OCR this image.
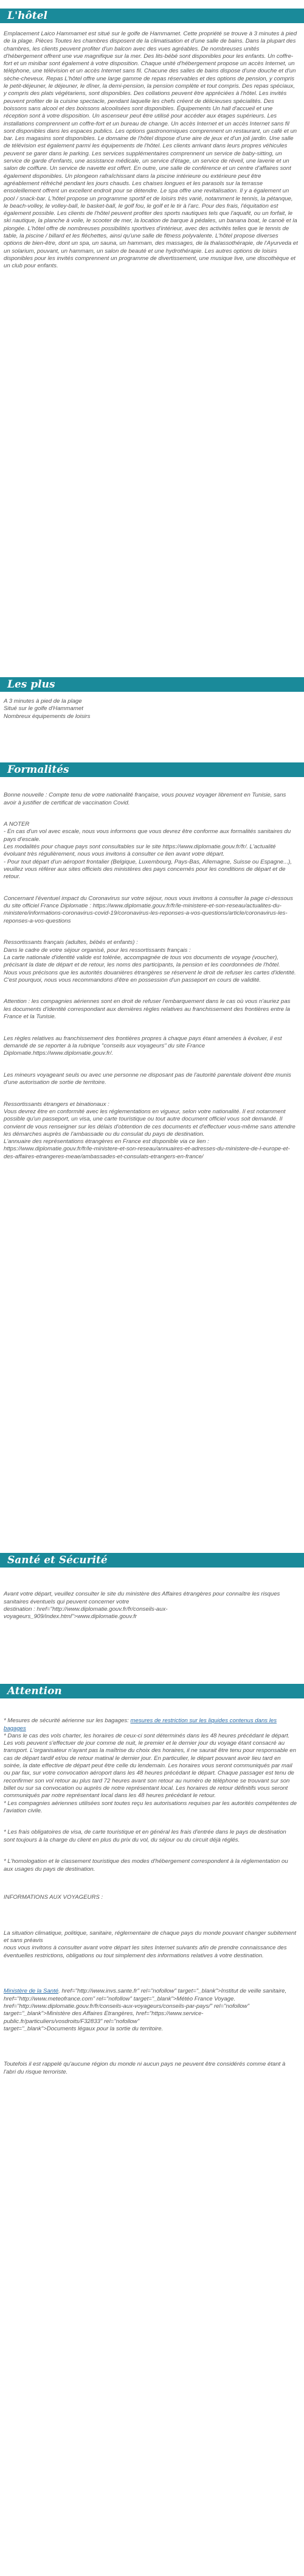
L'hôtel

Emplacement Laico Hammamet est situé sur le golfe de Hammamet. Cette propriété se trouve à 3 minutes à pied de la plage. Pièces Toutes les chambres disposent de la climatisation et d'une salle de bains. Dans la plupart des chambres, les clients peuvent profiter d'un balcon avec des vues agréables. De nombreuses unités d'hébergement offrent une vue magnifique sur la mer. Des lits-bébé sont disponibles pour les enfants. Un coffre-fort et un minibar sont également à votre disposition. Chaque unité d'hébergement propose un accès Internet, un téléphone, une télévision et un accès Internet sans fil. Chacune des salles de bains dispose d'une douche et d'un sèche-cheveux. Repas L'hôtel offre une large gamme de repas réservables et des options de pension, y compris le petit-déjeuner, le déjeuner, le dîner, la demi-pension, la pension complète et tout compris. Des repas spéciaux, y compris des plats végétariens, sont disponibles. Des collations peuvent être appréciées à l'hôtel. Les invités peuvent profiter de la cuisine spectacle, pendant laquelle les chefs créent de délicieuses spécialités. Des boissons sans alcool et des boissons alcoolisées sont disponibles. Équipements Un hall d'accueil et une réception sont à votre disposition. Un ascenseur peut être utilisé pour accéder aux étages supérieurs. Les installations comprennent un coffre-fort et un bureau de change. Un accès Internet et un accès Internet sans fil sont disponibles dans les espaces publics. Les options gastronomiques comprennent un restaurant, un café et un bar. Les magasins sont disponibles. Le domaine de l'hôtel dispose d'une aire de jeux et d'un joli jardin. Une salle de télévision est également parmi les équipements de l'hôtel. Les clients arrivant dans leurs propres véhicules peuvent se garer dans le parking. Les services supplémentaires comprennent un service de baby-sitting, un service de garde d'enfants, une assistance médicale, un service d'étage, un service de réveil, une laverie et un salon de coiffure. Un service de navette est offert. En outre, une salle de conférence et un centre d'affaires sont également disponibles. Un plongeon rafraîchissant dans la piscine intérieure ou extérieure peut être agréablement réfréché pendant les jours chauds. Les chaises longues et les parasols sur la terrasse ensoleillement offrent un excellent endroit pour se détendre. Le spa offre une revitalisation. Il y a également un pool / snack-bar. L'hôtel propose un programme sportif et de loisirs très varié, notamment le tennis, la pétanque, le beach-volley, le volley-ball, le basket-ball, le golf fou, le golf et le tir à l'arc. Pour des frais, l'équitation est également possible. Les clients de l'hôtel peuvent profiter des sports nautiques tels que l'aquafit, ou un forfait, le ski nautique, la planche à voile, le scooter de mer, la location de barque à pédales, un banana boat, le canoë et la plongée. L'hôtel offre de nombreuses possibilités sportives d'intérieur, avec des activités telles que le tennis de table, la piscine / billard et les fléchettes, ainsi qu'une salle de fitness polyvalente. L'hôtel propose diverses options de bien-être, dont un spa, un sauna, un hammam, des massages, de la thalassothérapie, de l'Ayurveda et un solarium, pouvant, un hammam, un salon de beauté et une hydrothérapie. Les autres options de loisirs disponibles pour les invités comprennent un programme de divertissement, une musique live, une discothèque et un club pour enfants.

Les plus
A 3 minutes à pied de la plage
Situé sur le golfe d'Hammamet
Nombreux équipements de loisirs
Formalités

Bonne nouvelle : Compte tenu de votre nationalité française, vous pouvez voyager librement en Tunisie, sans avoir à justifier de certificat de vaccination Covid.

A NOTER
- En cas d'un vol avec escale, nous vous informons que vous devrez être conforme aux formalités sanitaires du pays d'escale.
Les modalités pour chaque pays sont consultables sur le site https://www.diplomatie.gouv.fr/fr/. L'actualité évoluant très régulièrement, nous vous invitons à consulter ce lien avant votre départ.
- Pour tout départ d'un aéroport frontalier (Belgique, Luxembourg, Pays-Bas, Allemagne, Suisse ou Espagne...), veuillez vous référer aux sites officiels des ministères des pays concernés pour les conditions de départ et de retour.

Concernant l'éventuel impact du Coronavirus sur votre séjour, nous vous invitons à consulter la page ci-dessous du site officiel France Diplomatie : https://www.diplomatie.gouv.fr/fr/le-ministere-et-son-reseau/actualites-du-ministere/informations-coronavirus-covid-19/coronavirus-les-reponses-a-vos-questions/article/coronavirus-les-reponses-a-vos-questions

Ressortissants français (adultes, bébés et enfants) :
Dans le cadre de votre séjour organisé, pour les ressortissants français :
La carte nationale d'identité valide est tolérée, accompagnée de tous vos documents de voyage (voucher), précisant la date de départ et de retour, les noms des participants, la pension et les coordonnées de l'hôtel.
Nous vous précisons que les autorités douanières étrangères se réservent le droit de refuser les cartes d'identité. C'est pourquoi, nous vous recommandons d'être en possession d'un passeport en cours de validité.

Attention : les compagnies aériennes sont en droit de refuser l'embarquement dans le cas où vous n'auriez pas les documents d'identité correspondant aux dernières règles relatives au franchissement des frontières entre la France et la Tunisie.

Les règles relatives au franchissement des frontières propres à chaque pays étant amenées à évoluer, il est demandé de se reporter à la rubrique "conseils aux voyageurs" du site France Diplomatie.https://www.diplomatie.gouv.fr/.

Les mineurs voyageant seuls ou avec une personne ne disposant pas de l'autorité parentale doivent être munis d'une autorisation de sortie de territoire.

Ressortissants étrangers et binationaux :
Vous devrez être en conformité avec les réglementations en vigueur, selon votre nationalité. Il est notamment possible qu'un passeport, un visa, une carte touristique ou tout autre document officiel vous soit demandé. Il convient de vous renseigner sur les délais d'obtention de ces documents et d'effectuer vous-même sans attendre les démarches auprès de l'ambassade ou du consulat du pays de destination.
L'annuaire des représentations étrangères en France est disponible via ce lien : https://www.diplomatie.gouv.fr/fr/le-ministere-et-son-reseau/annuaires-et-adresses-du-ministere-de-l-europe-et-des-affaires-etrangeres-meae/ambassades-et-consulats-etrangers-en-france/

Santé et Sécurité

Avant votre départ, veuillez consulter le site du ministère des Affaires étrangères pour connaître les risques sanitaires éventuels qui peuvent concerner votre
destination : href="http://www.diplomatie.gouv.fr/fr/conseils-aux-voyageurs_909/index.html">www.diplomatie.gouv.fr

Attention

* Mesures de sécurité aérienne sur les bagages: mesures de restriction sur les liquides contenus dans les bagages
* Dans le cas des vols charter, les horaires de ceux-ci sont déterminés dans les 48 heures précédant le départ. Les vols peuvent s'effectuer de jour comme de nuit, le premier et le dernier jour du voyage étant consacré au transport. L'organisateur n'ayant pas la maîtrise du choix des horaires, il ne saurait être tenu pour responsable en cas de départ tardif et/ou de retour matinal le dernier jour. En particulier, le départ pouvant avoir lieu tard en soirée, la date effective de départ peut être celle du lendemain. Les horaires vous seront communiqués par mail ou par fax, sur votre convocation aéroport dans les 48 heures précédant le départ. Chaque passager est tenu de reconfirmer son vol retour au plus tard 72 heures avant son retour au numéro de téléphone se trouvant sur son billet ou sur sa convocation ou auprès de notre représentant local. Les horaires de retour définitifs vous seront communiqués par notre représentant local dans les 48 heures précédant le retour.
* Les compagnies aériennes utilisées sont toutes reçu les autorisations requises par les autorités compétentes de l'aviation civile.

* Les frais obligatoires de visa, de carte touristique et en général les frais d'entrée dans le pays de destination sont toujours à la charge du client en plus du prix du vol, du séjour ou du circuit déjà réglés.

* L'homologation et le classement touristique des modes d'hébergement correspondent à la réglementation ou aux usages du pays de destination.

INFORMATIONS AUX VOYAGEURS :

La situation climatique, politique, sanitaire, réglementaire de chaque pays du monde pouvant changer subitement et sans préavis
nous vous invitons à consulter avant votre départ les sites Internet suivants afin de prendre connaissance des éventuelles restrictions, obligations ou tout simplement des informations relatives à votre destination.

Ministère de la Santé. href="http://www.invs.sante.fr" rel="nofollow" target="_blank">Institut de veille sanitaire,
href="http://www.meteofrance.com" rel="nofollow" target="_blank">Météo France Voyage. href="http://www.diplomatie.gouv.fr/fr/conseils-aux-voyageurs/conseils-par-pays/" rel="nofollow"
target="_blank">Ministère des Affaires Etrangères, href="https://www.service-public.fr/particuliers/vosdroits/F32833" rel="nofollow"
target="_blank">Documents légaux pour la sortie du territoire.

Toutefois il est rappelé qu'aucune région du monde ni aucun pays ne peuvent être considérés comme étant à l'abri du risque terroriste.
